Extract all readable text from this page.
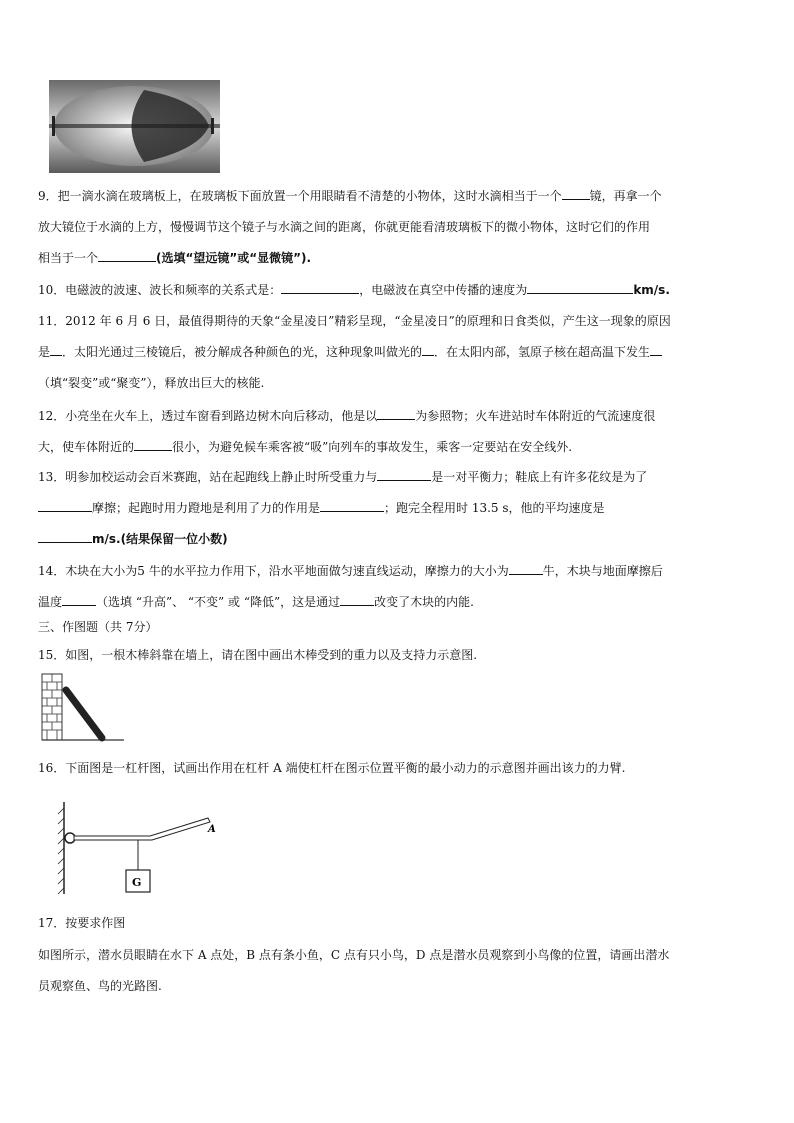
9．把一滴水滴在玻璃板上，在玻璃板下面放置一个用眼睛看不清楚的小物体，这时水滴相当于一个 镜，再拿一个
放大镜位于水滴的上方，慢慢调节这个镜子与水滴之间的距离，你就更能看清玻璃板下的微小物体，这时它们的作用
相当于一个	(选填“望远镜”或“显微镜”).
10．电磁波的波速、波长和频率的关系式是：	，电磁波在真空中传播的速度为	km/s.
11．2012 年 6 月 6 日，最值得期待的天象“金星凌日”精彩呈现，“金星凌日”的原理和日食类似，产生这一现象的原因
是 ．太阳光通过三棱镜后，被分解成各种颜色的光，这种现象叫做光的 ．在太阳内部，氢原子核在超高温下发生
（填“裂变”或“聚变”），释放出巨大的核能.
12．小亮坐在火车上，透过车窗看到路边树木向后移动，他是以	为参照物；火车进站时车体附近的气流速度很
大，使车体附近的	很小，为避免候车乘客被“吸”向列车的事故发生，乘客一定要站在安全线外.
13．明参加校运动会百米赛跑，站在起跑线上静止时所受重力与	是一对平衡力；鞋底上有许多花纹是为了
摩擦；起跑时用力蹬地是利用了力的作用是	；跑完全程用时 13.5 s，他的平均速度是
m/s.(结果保留一位小数)
14．木块在大小为5 牛的水平拉力作用下，沿水平地面做匀速直线运动，摩擦力的大小为	牛，木块与地面摩擦后
温度	（选填 “升高”、 “不变” 或 “降低”，这是通过	改变了木块的内能.
三、作图题（共 7分）
15．如图，一根木棒斜靠在墙上，请在图中画出木棒受到的重力以及支持力示意图.
16．下面图是一杠杆图，试画出作用在杠杆 A 端使杠杆在图示位置平衡的最小动力的示意图并画出该力的力臂.
G
A
17．按要求作图
如图所示，潜水员眼睛在水下 A 点处，B 点有条小鱼，C 点有只小鸟，D 点是潜水员观察到小鸟像的位置，请画出潜水
员观察鱼、鸟的光路图.
